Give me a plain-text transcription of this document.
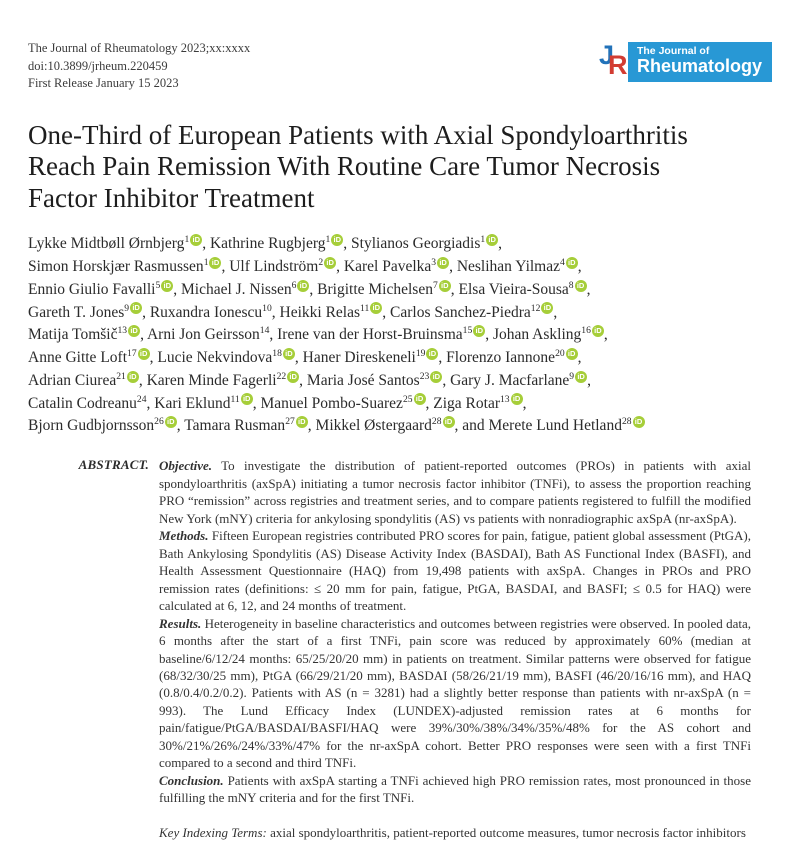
The Journal of Rheumatology 2023;xx:xxxx
doi:10.3899/jrheum.220459
First Release January 15 2023
J
R The Journal of
Rheumatology
One-Third of European Patients with Axial Spondyloarthritis
Reach Pain Remission With Routine Care Tumor Necrosis
Factor Inhibitor Treatment

Lykke Midtbøll Ørnbjerg$^1$ iD , Kathrine Rugbjerg$^1$ iD , Stylianos Georgiadis$^1$ iD ,
Simon Horskjær Rasmussen$^1$ iD , Ulf Lindström$^2$ iD , Karel Pavelka$^3$ iD , Neslihan Yilmaz$^4$ iD ,
Ennio Giulio Favalli$^5$ iD , Michael J. Nissen$^6$ iD , Brigitte Michelsen$^7$ iD , Elsa Vieira-Sousa$^8$ iD ,
Gareth T. Jones$^9$ iD , Ruxandra Ionescu$^{10}$, Heikki Relas$^{11}$ iD , Carlos Sanchez-Piedra$^{12}$ iD ,
Matija Tomšič$^{13}$ iD , Arni Jon Geirsson$^{14}$, Irene van der Horst-Bruinsma$^{15}$ iD , Johan Askling$^{16}$ iD ,
Anne Gitte Loft$^{17}$ iD , Lucie Nekvindova$^{18}$ iD , Haner Direskeneli$^{19}$ iD , Florenzo Iannone$^{20}$ iD ,
Adrian Ciurea$^{21}$ iD , Karen Minde Fagerli$^{22}$ iD , Maria José Santos$^{23}$ iD , Gary J. Macfarlane$^9$ iD ,
Catalin Codreanu$^{24}$, Kari Eklund$^{11}$ iD , Manuel Pombo-Suarez$^{25}$ iD , Ziga Rotar$^{13}$ iD ,
Bjorn Gudbjornsson$^{26}$ iD , Tamara Rusman$^{27}$ iD , Mikkel Østergaard$^{28}$ iD , and Merete Lund Hetland$^{28}$ iD

ABSTRACT. Objective. To investigate the distribution of patient-reported outcomes (PROs) in patients with axial spondyloarthritis (axSpA) initiating a tumor necrosis factor inhibitor (TNFi), to assess the proportion reaching PRO “remission” across registries and treatment series, and to compare patients registered to fulfill the modified New York (mNY) criteria for ankylosing spondylitis (AS) vs patients with nonradiographic axSpA (nr-axSpA).
Methods. Fifteen European registries contributed PRO scores for pain, fatigue, patient global assessment (PtGA), Bath Ankylosing Spondylitis (AS) Disease Activity Index (BASDAI), Bath AS Functional Index (BASFI), and Health Assessment Questionnaire (HAQ) from 19,498 patients with axSpA. Changes in PROs and PRO remission rates (definitions: ≤ 20 mm for pain, fatigue, PtGA, BASDAI, and BASFI; ≤ 0.5 for HAQ) were calculated at 6, 12, and 24 months of treatment.
Results. Heterogeneity in baseline characteristics and outcomes between registries were observed. In pooled data, 6 months after the start of a first TNFi, pain score was reduced by approximately 60% (median at baseline/6/12/24 months: 65/25/20/20 mm) in patients on treatment. Similar patterns were observed for fatigue (68/32/30/25 mm), PtGA (66/29/21/20 mm), BASDAI (58/26/21/19 mm), BASFI (46/20/16/16 mm), and HAQ (0.8/0.4/0.2/0.2). Patients with AS (n = 3281) had a slightly better response than patients with nr-axSpA (n = 993). The Lund Efficacy Index (LUNDEX)-adjusted remission rates at 6 months for pain/fatigue/PtGA/BASDAI/BASFI/HAQ were 39%/30%/38%/34%/35%/48% for the AS cohort and 30%/21%/26%/24%/33%/47% for the nr-axSpA cohort. Better PRO responses were seen with a first TNFi compared to a second and third TNFi.
Conclusion. Patients with axSpA starting a TNFi achieved high PRO remission rates, most pronounced in those fulfilling the mNY criteria and for the first TNFi.

Key Indexing Terms: axial spondyloarthritis, patient-reported outcome measures, tumor necrosis factor inhibitors
